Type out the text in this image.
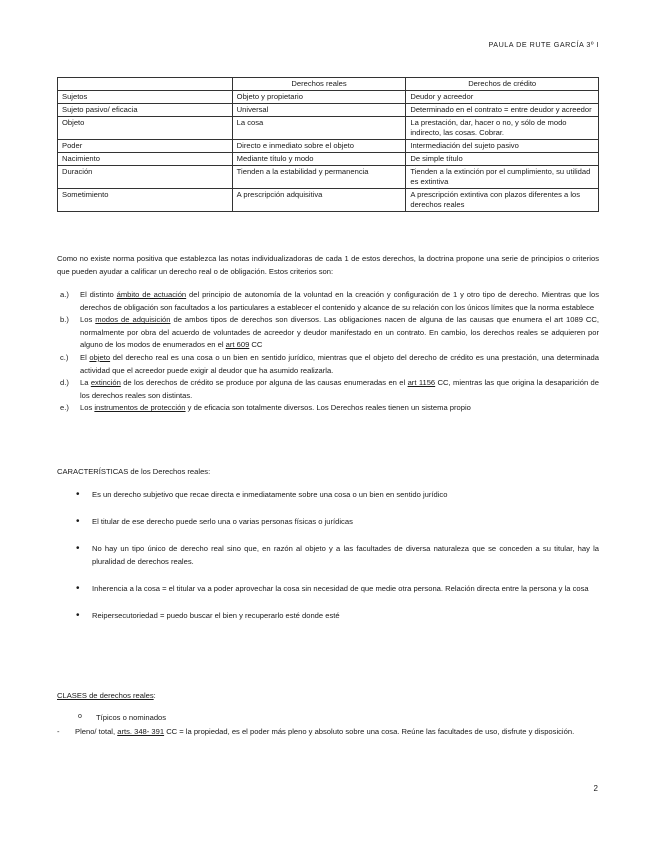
PAULA DE RUTE GARCÍA 3º I
	Derechos reales	Derechos de crédito
Sujetos	Objeto y propietario	Deudor y acreedor
Sujeto pasivo/ eficacia	Universal	Determinado en el contrato = entre deudor y acreedor
Objeto	La cosa	La prestación, dar, hacer o no, y sólo de modo indirecto, las cosas. Cobrar.
Poder	Directo e inmediato sobre el objeto	Intermediación del sujeto pasivo
Nacimiento	Mediante título y modo	De simple título
Duración	Tienden a la estabilidad y permanencia	Tienden a la extinción por el cumplimiento, su utilidad es extintiva
Sometimiento	A prescripción adquisitiva	A prescripción extintiva con plazos diferentes a los derechos reales
Como no existe norma positiva que establezca las notas individualizadoras de cada 1 de estos derechos, la doctrina propone una serie de principios o criterios que pueden ayudar a calificar un derecho real o de obligación. Estos criterios son:
a.)	El distinto ámbito de actuación del principio de autonomía de la voluntad en la creación y configuración de 1 y otro tipo de derecho. Mientras que los derechos de obligación son facultados a los particulares a establecer el contenido y alcance de su relación con los únicos límites que la norma establece
b.)	Los modos de adquisición de ambos tipos de derechos son diversos. Las obligaciones nacen de alguna de las causas que enumera el art 1089 CC, normalmente por obra del acuerdo de voluntades de acreedor y deudor manifestado en un contrato. En cambio, los derechos reales se adquieren por alguno de los modos de enumerados en el art 609 CC
c.)	El objeto del derecho real es una cosa o un bien en sentido jurídico, mientras que el objeto del derecho de crédito es una prestación, una determinada actividad que el acreedor puede exigir al deudor que ha asumido realizarla.
d.)	La extinción de los derechos de crédito se produce por alguna de las causas enumeradas en el art 1156 CC, mientras las que origina la desaparición de los derechos reales son distintas.
e.)	Los instrumentos de protección y de eficacia son totalmente diversos. Los Derechos reales tienen un sistema propio
CARACTERÍSTICAS de los Derechos reales:
•	Es un derecho subjetivo que recae directa e inmediatamente sobre una cosa o un bien en sentido jurídico
•	El titular de ese derecho puede serlo una o varias personas físicas o jurídicas
•	No hay un tipo único de derecho real sino que, en razón al objeto y a las facultades de diversa naturaleza que se conceden a su titular, hay la pluralidad de derechos reales.
•	Inherencia a la cosa = el titular va a poder aprovechar la cosa sin necesidad de que medie otra persona. Relación directa entre la persona y la cosa
•	Reipersecutoriedad = puedo buscar el bien y recuperarlo esté donde esté
CLASES de derechos reales:
o	Típicos o nominados
-	Pleno/ total, arts. 348- 391 CC = la propiedad, es el poder más pleno y absoluto sobre una cosa. Reúne las facultades de uso, disfrute y disposición.
2
